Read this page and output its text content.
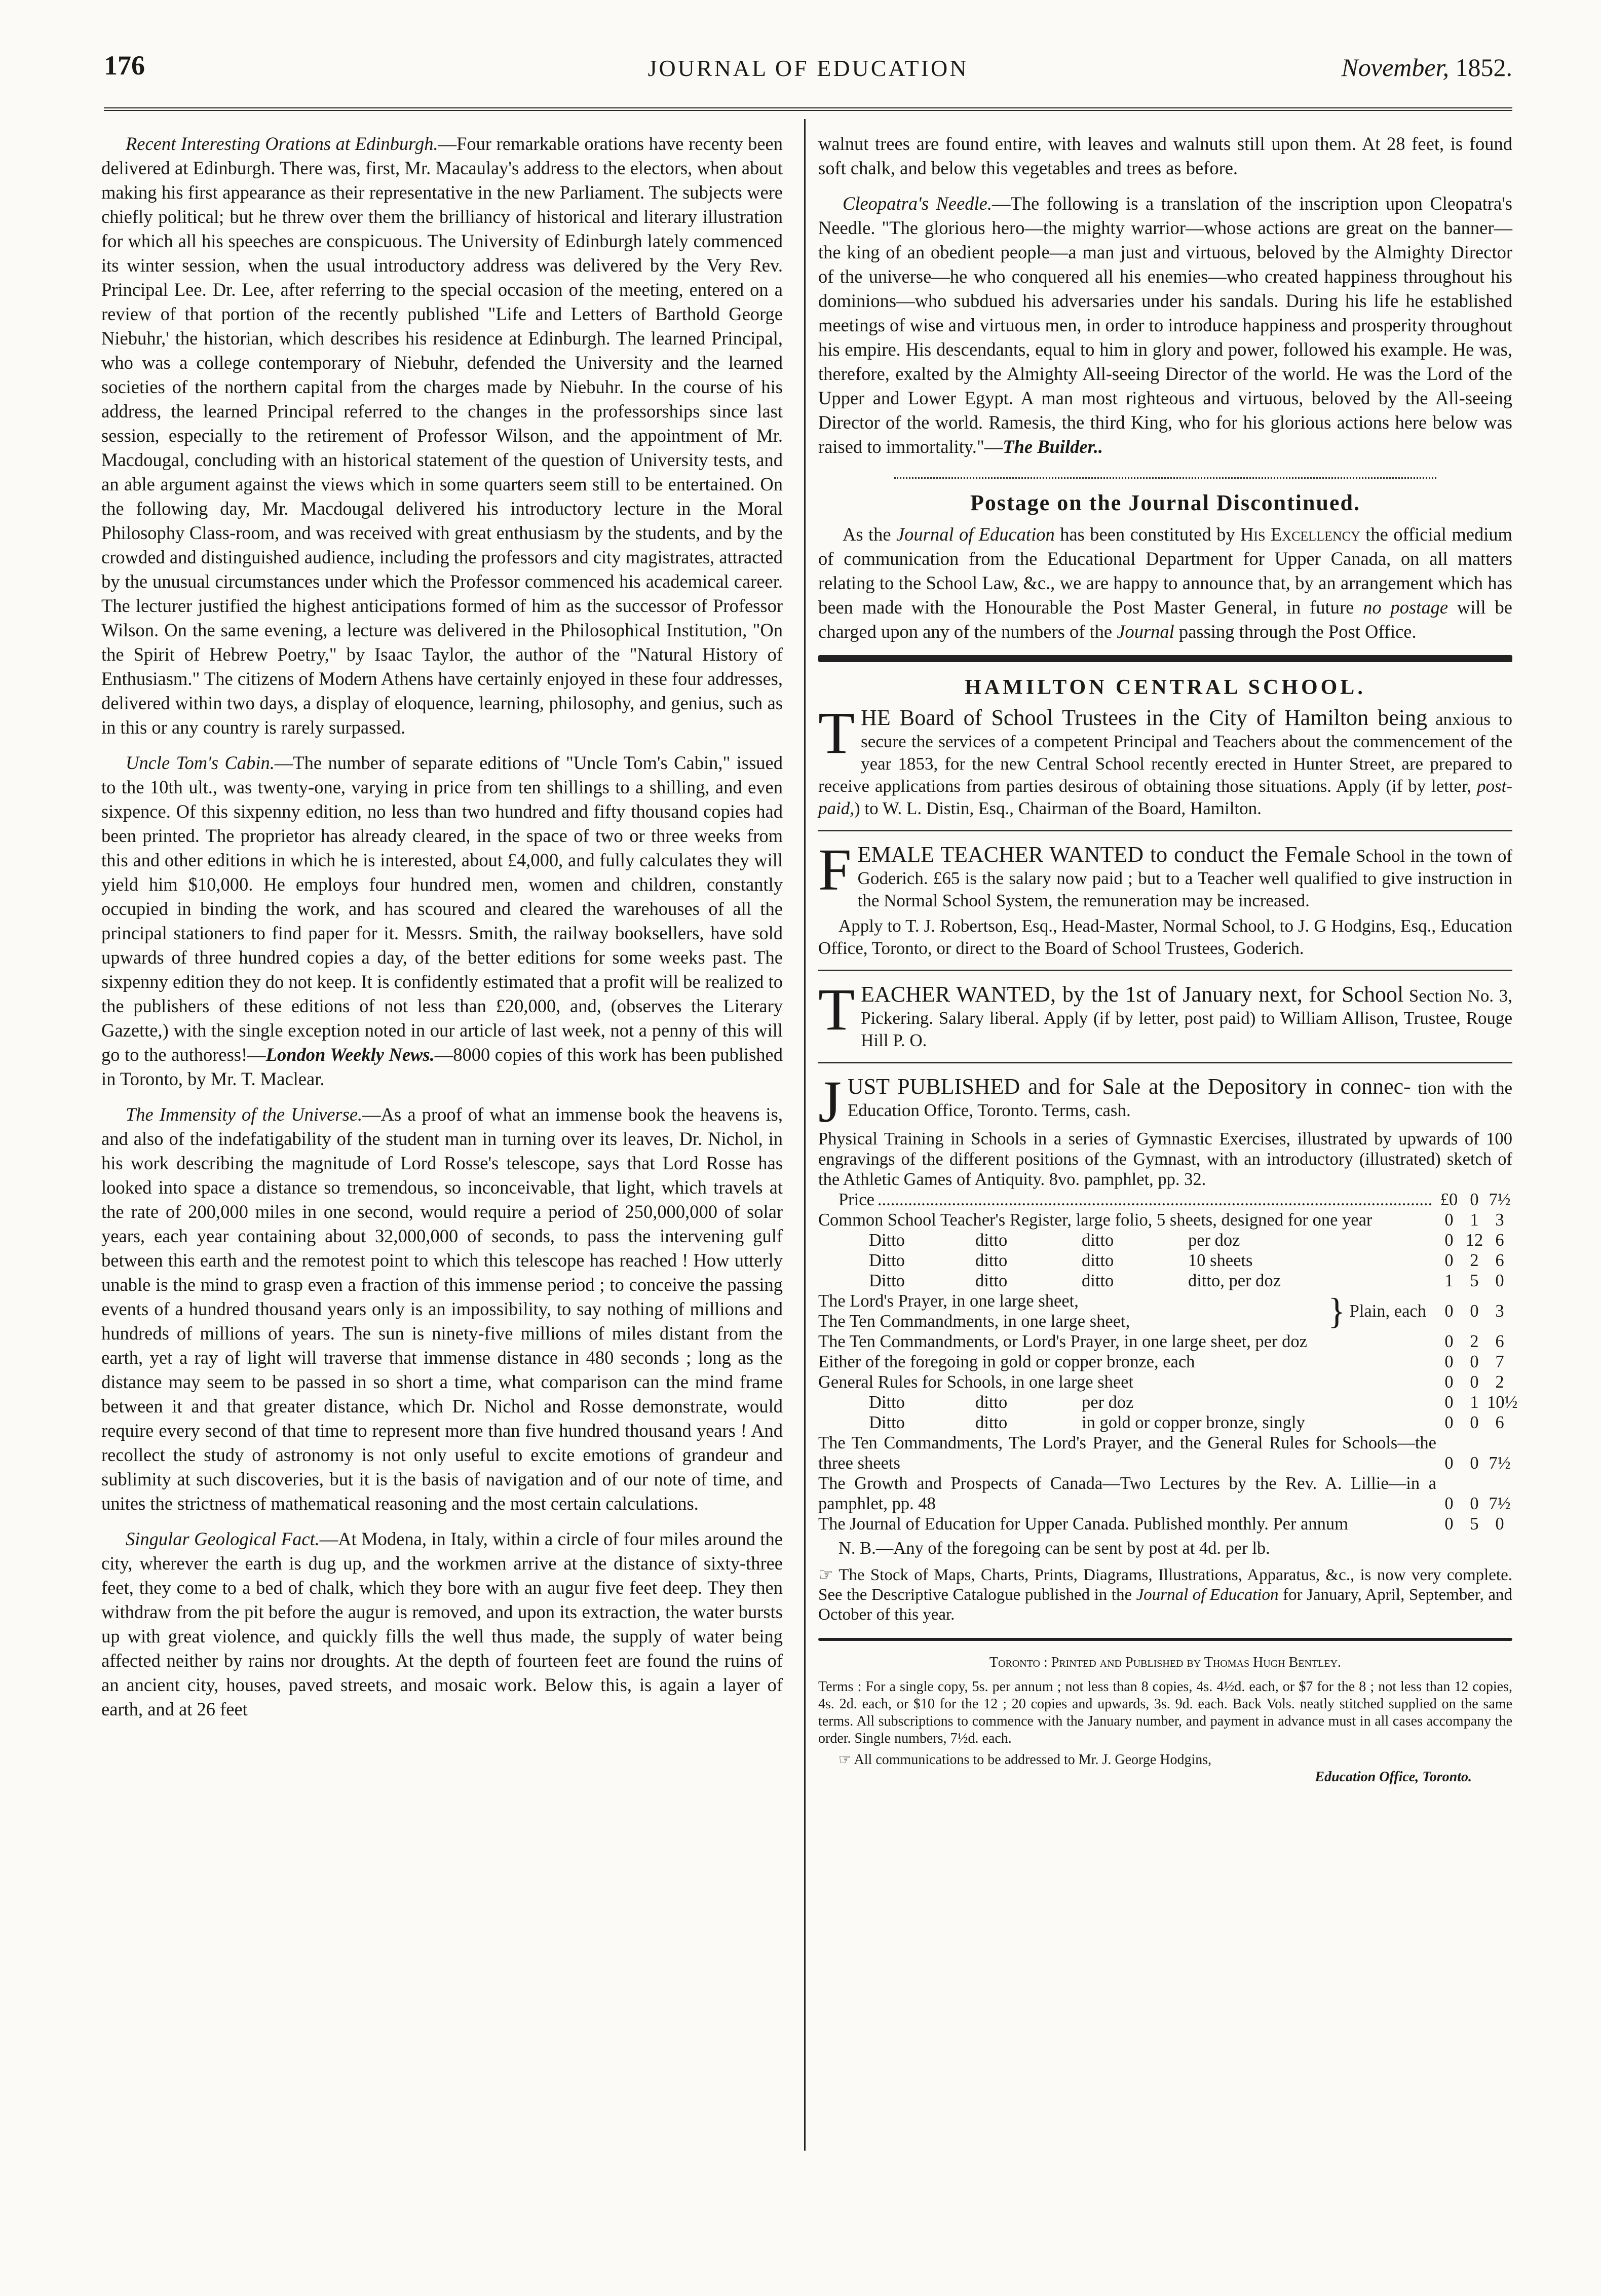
176	JOURNAL OF EDUCATION	November, 1852.

Recent Interesting Orations at Edinburgh.—Four remarkable orations have recenty been delivered at Edinburgh. There was, first, Mr. Macaulay's address to the electors, when about making his first appearance as their representative in the new Parliament. The subjects were chiefly political; but he threw over them the brilliancy of historical and literary illustration for which all his speeches are conspicuous. The University of Edinburgh lately commenced its winter session, when the usual introductory address was delivered by the Very Rev. Principal Lee. Dr. Lee, after referring to the special occasion of the meeting, entered on a review of that portion of the recently published "Life and Letters of Barthold George Niebuhr,' the historian, which describes his residence at Edinburgh. The learned Principal, who was a college contemporary of Niebuhr, defended the University and the learned societies of the northern capital from the charges made by Niebuhr. In the course of his address, the learned Principal referred to the changes in the professorships since last session, especially to the retirement of Professor Wilson, and the appointment of Mr. Macdougal, concluding with an historical statement of the question of University tests, and an able argument against the views which in some quarters seem still to be entertained. On the following day, Mr. Macdougal delivered his introductory lecture in the Moral Philosophy Class-room, and was received with great enthusiasm by the students, and by the crowded and distinguished audience, including the professors and city magistrates, attracted by the unusual circumstances under which the Professor commenced his academical career. The lecturer justified the highest anticipations formed of him as the successor of Professor Wilson. On the same evening, a lecture was delivered in the Philosophical Institution, "On the Spirit of Hebrew Poetry," by Isaac Taylor, the author of the "Natural History of Enthusiasm." The citizens of Modern Athens have certainly enjoyed in these four addresses, delivered within two days, a display of eloquence, learning, philosophy, and genius, such as in this or any country is rarely surpassed.

Uncle Tom's Cabin.—The number of separate editions of "Uncle Tom's Cabin," issued to the 10th ult., was twenty-one, varying in price from ten shillings to a shilling, and even sixpence. Of this sixpenny edition, no less than two hundred and fifty thousand copies had been printed. The proprietor has already cleared, in the space of two or three weeks from this and other editions in which he is interested, about £4,000, and fully calculates they will yield him $10,000. He employs four hundred men, women and children, constantly occupied in binding the work, and has scoured and cleared the warehouses of all the principal stationers to find paper for it. Messrs. Smith, the railway booksellers, have sold upwards of three hundred copies a day, of the better editions for some weeks past. The sixpenny edition they do not keep. It is confidently estimated that a profit will be realized to the publishers of these editions of not less than £20,000, and, (observes the Literary Gazette,) with the single exception noted in our article of last week, not a penny of this will go to the authoress!—London Weekly News.—8000 copies of this work has been published in Toronto, by Mr. T. Maclear.

The Immensity of the Universe.—As a proof of what an immense book the heavens is, and also of the indefatigability of the student man in turning over its leaves, Dr. Nichol, in his work describing the magnitude of Lord Rosse's telescope, says that Lord Rosse has looked into space a distance so tremendous, so inconceivable, that light, which travels at the rate of 200,000 miles in one second, would require a period of 250,000,000 of solar years, each year containing about 32,000,000 of seconds, to pass the intervening gulf between this earth and the remotest point to which this telescope has reached ! How utterly unable is the mind to grasp even a fraction of this immense period ; to conceive the passing events of a hundred thousand years only is an impossibility, to say nothing of millions and hundreds of millions of years. The sun is ninety-five millions of miles distant from the earth, yet a ray of light will traverse that immense distance in 480 seconds ; long as the distance may seem to be passed in so short a time, what comparison can the mind frame between it and that greater distance, which Dr. Nichol and Rosse demonstrate, would require every second of that time to represent more than five hundred thousand years ! And recollect the study of astronomy is not only useful to excite emotions of grandeur and sublimity at such discoveries, but it is the basis of navigation and of our note of time, and unites the strictness of mathematical reasoning and the most certain calculations.

Singular Geological Fact.—At Modena, in Italy, within a circle of four miles around the city, wherever the earth is dug up, and the workmen arrive at the distance of sixty-three feet, they come to a bed of chalk, which they bore with an augur five feet deep. They then withdraw from the pit before the augur is removed, and upon its extraction, the water bursts up with great violence, and quickly fills the well thus made, the supply of water being affected neither by rains nor droughts. At the depth of fourteen feet are found the ruins of an ancient city, houses, paved streets, and mosaic work. Below this, is again a layer of earth, and at 26 feet

walnut trees are found entire, with leaves and walnuts still upon them. At 28 feet, is found soft chalk, and below this vegetables and trees as before.

Cleopatra's Needle.—The following is a translation of the inscription upon Cleopatra's Needle. "The glorious hero—the mighty warrior—whose actions are great on the banner—the king of an obedient people—a man just and virtuous, beloved by the Almighty Director of the universe—he who conquered all his enemies—who created happiness throughout his dominions—who subdued his adversaries under his sandals. During his life he established meetings of wise and virtuous men, in order to introduce happiness and prosperity throughout his empire. His descendants, equal to him in glory and power, followed his example. He was, therefore, exalted by the Almighty All-seeing Director of the world. He was the Lord of the Upper and Lower Egypt. A man most righteous and virtuous, beloved by the All-seeing Director of the world. Ramesis, the third King, who for his glorious actions here below was raised to immortality."—The Builder..

Postage on the Journal Discontinued.

As the Journal of Education has been constituted by His Excellency the official medium of communication from the Educational Department for Upper Canada, on all matters relating to the School Law, &c., we are happy to announce that, by an arrangement which has been made with the Honourable the Post Master General, in future no postage will be charged upon any of the numbers of the Journal passing through the Post Office.

HAMILTON CENTRAL SCHOOL.
THE Board of School Trustees in the City of Hamilton being anxious to secure the services of a competent Principal and Teachers about the commencement of the year 1853, for the new Central School recently erected in Hunter Street, are prepared to receive applications from parties desirous of obtaining those situations. Apply (if by letter, post-paid,) to W. L. Distin, Esq., Chairman of the Board, Hamilton.
FEMALE TEACHER WANTED to conduct the Female School in the town of Goderich. £65 is the salary now paid ; but to a Teacher well qualified to give instruction in the Normal School System, the remuneration may be increased.
Apply to T. J. Robertson, Esq., Head-Master, Normal School, to J. G Hodgins, Esq., Education Office, Toronto, or direct to the Board of School Trustees, Goderich.
TEACHER WANTED, by the 1st of January next, for School Section No. 3, Pickering. Salary liberal. Apply (if by letter, post paid) to William Allison, Trustee, Rouge Hill P. O.
JUST PUBLISHED and for Sale at the Depository in connec- tion with the Education Office, Toronto. Terms, cash.
Physical Training in Schools in a series of Gymnastic Exercises, illustrated by upwards of 100 engravings of the different positions of the Gymnast, with an introductory (illustrated) sketch of the Athletic Games of Antiquity. 8vo. pamphlet, pp. 32.
Price
.....	£0 0 7½
Common School Teacher's Register, large folio, 5 sheets, designed for one year	0 1 3
Ditto	ditto	ditto	per doz	0 12 6
Ditto	ditto	ditto	10 sheets	0 2 6
Ditto	ditto	ditto	ditto, per doz	1 5 0
The Lord's Prayer, in one large sheet,
The Ten Commandments, in one large sheet,	} Plain, each	0 0 3
The Ten Commandments, or Lord's Prayer, in one large sheet, per doz	0 2 6
Either of the foregoing in gold or copper bronze, each	0 0 7
General Rules for Schools, in one large sheet	0 0 2
Ditto	ditto	per doz	0 1 10½
Ditto	ditto	in gold or copper bronze, singly	0 0 6
The Ten Commandments, The Lord's Prayer, and the General Rules for Schools—the three sheets	0 0 7½
The Growth and Prospects of Canada—Two Lectures by the Rev. A. Lillie—in a pamphlet, pp. 48	0 0 7½
The Journal of Education for Upper Canada. Published monthly. Per annum	0 5 0
N. B.—Any of the foregoing can be sent by post at 4d. per lb.
☞ The Stock of Maps, Charts, Prints, Diagrams, Illustrations, Apparatus, &c., is now very complete. See the Descriptive Catalogue published in the Journal of Education for January, April, September, and October of this year.
Toronto : Printed and Published by Thomas Hugh Bentley.
Terms : For a single copy, 5s. per annum ; not less than 8 copies, 4s. 4½d. each, or $7 for the 8 ; not less than 12 copies, 4s. 2d. each, or $10 for the 12 ; 20 copies and upwards, 3s. 9d. each. Back Vols. neatly stitched supplied on the same terms. All subscriptions to commence with the January number, and payment in advance must in all cases accompany the order. Single numbers, 7½d. each.
☞ All communications to be addressed to Mr. J. George Hodgins,
Education Office, Toronto.
